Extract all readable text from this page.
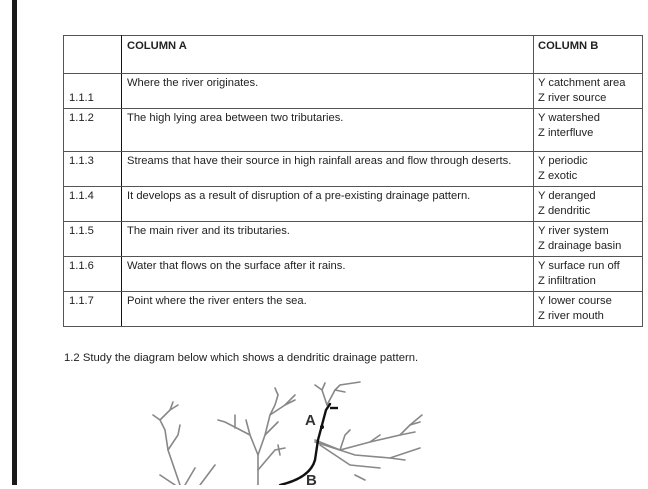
	COLUMN A	COLUMN B
1.1.1	Where the river originates.	Y catchment area
Z river source

1.1.2	The high lying area between two tributaries.	Y watershed
Z interfluve

1.1.3	Streams that have their source in high rainfall areas and flow through deserts.	Y periodic
Z exotic

1.1.4	It develops as a result of disruption of a pre-existing drainage pattern.	Y deranged
Z dendritic

1.1.5	The main river and its tributaries.	Y river system
Z drainage basin

1.1.6	Water that flows on the surface after it rains.	Y surface run off
Z infiltration

1.1.7	Point where the river enters the sea.	Y lower course
Z river mouth
1.2 Study the diagram below which shows a dendritic drainage pattern.
A
B
